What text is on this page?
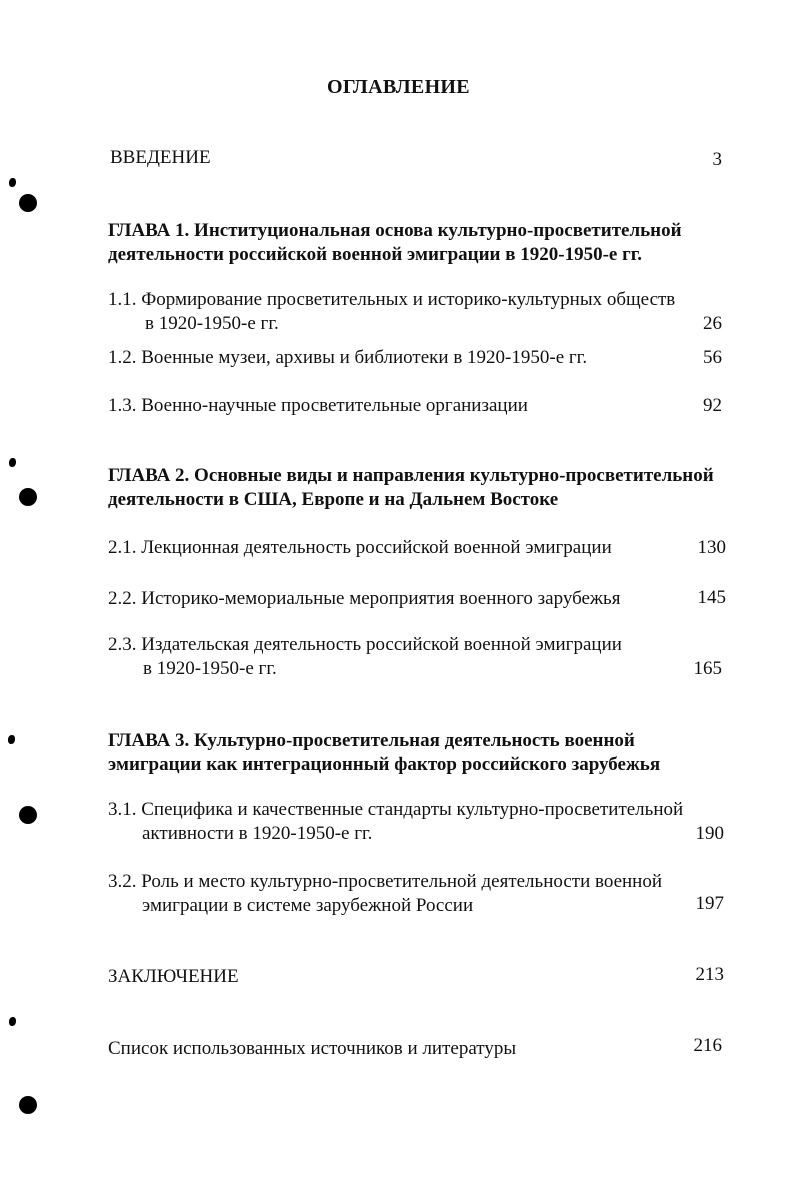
ОГЛАВЛЕНИЕ
ВВЕДЕНИЕ	3
ГЛАВА 1. Институциональная основа культурно-просветительной
деятельности российской военной эмиграции в 1920-1950-е гг.
1.1. Формирование просветительных и историко-культурных обществ
в 1920-1950-е гг.	26
1.2. Военные музеи, архивы и библиотеки в 1920-1950-е гг.	56
1.3. Военно-научные просветительные организации	92
ГЛАВА 2. Основные виды и направления культурно-просветительной
деятельности в США, Европе и на Дальнем Востоке
2.1. Лекционная деятельность российской военной эмиграции	130
2.2. Историко-мемориальные мероприятия военного зарубежья	145
2.3. Издательская деятельность российской военной эмиграции
в 1920-1950-е гг.	165
ГЛАВА 3. Культурно-просветительная деятельность военной
эмиграции как интеграционный фактор российского зарубежья
3.1. Специфика и качественные стандарты культурно-просветительной
активности в 1920-1950-е гг.	190
3.2. Роль и место культурно-просветительной деятельности военной
эмиграции в системе зарубежной России	197
ЗАКЛЮЧЕНИЕ	213
Список использованных источников и литературы	216
